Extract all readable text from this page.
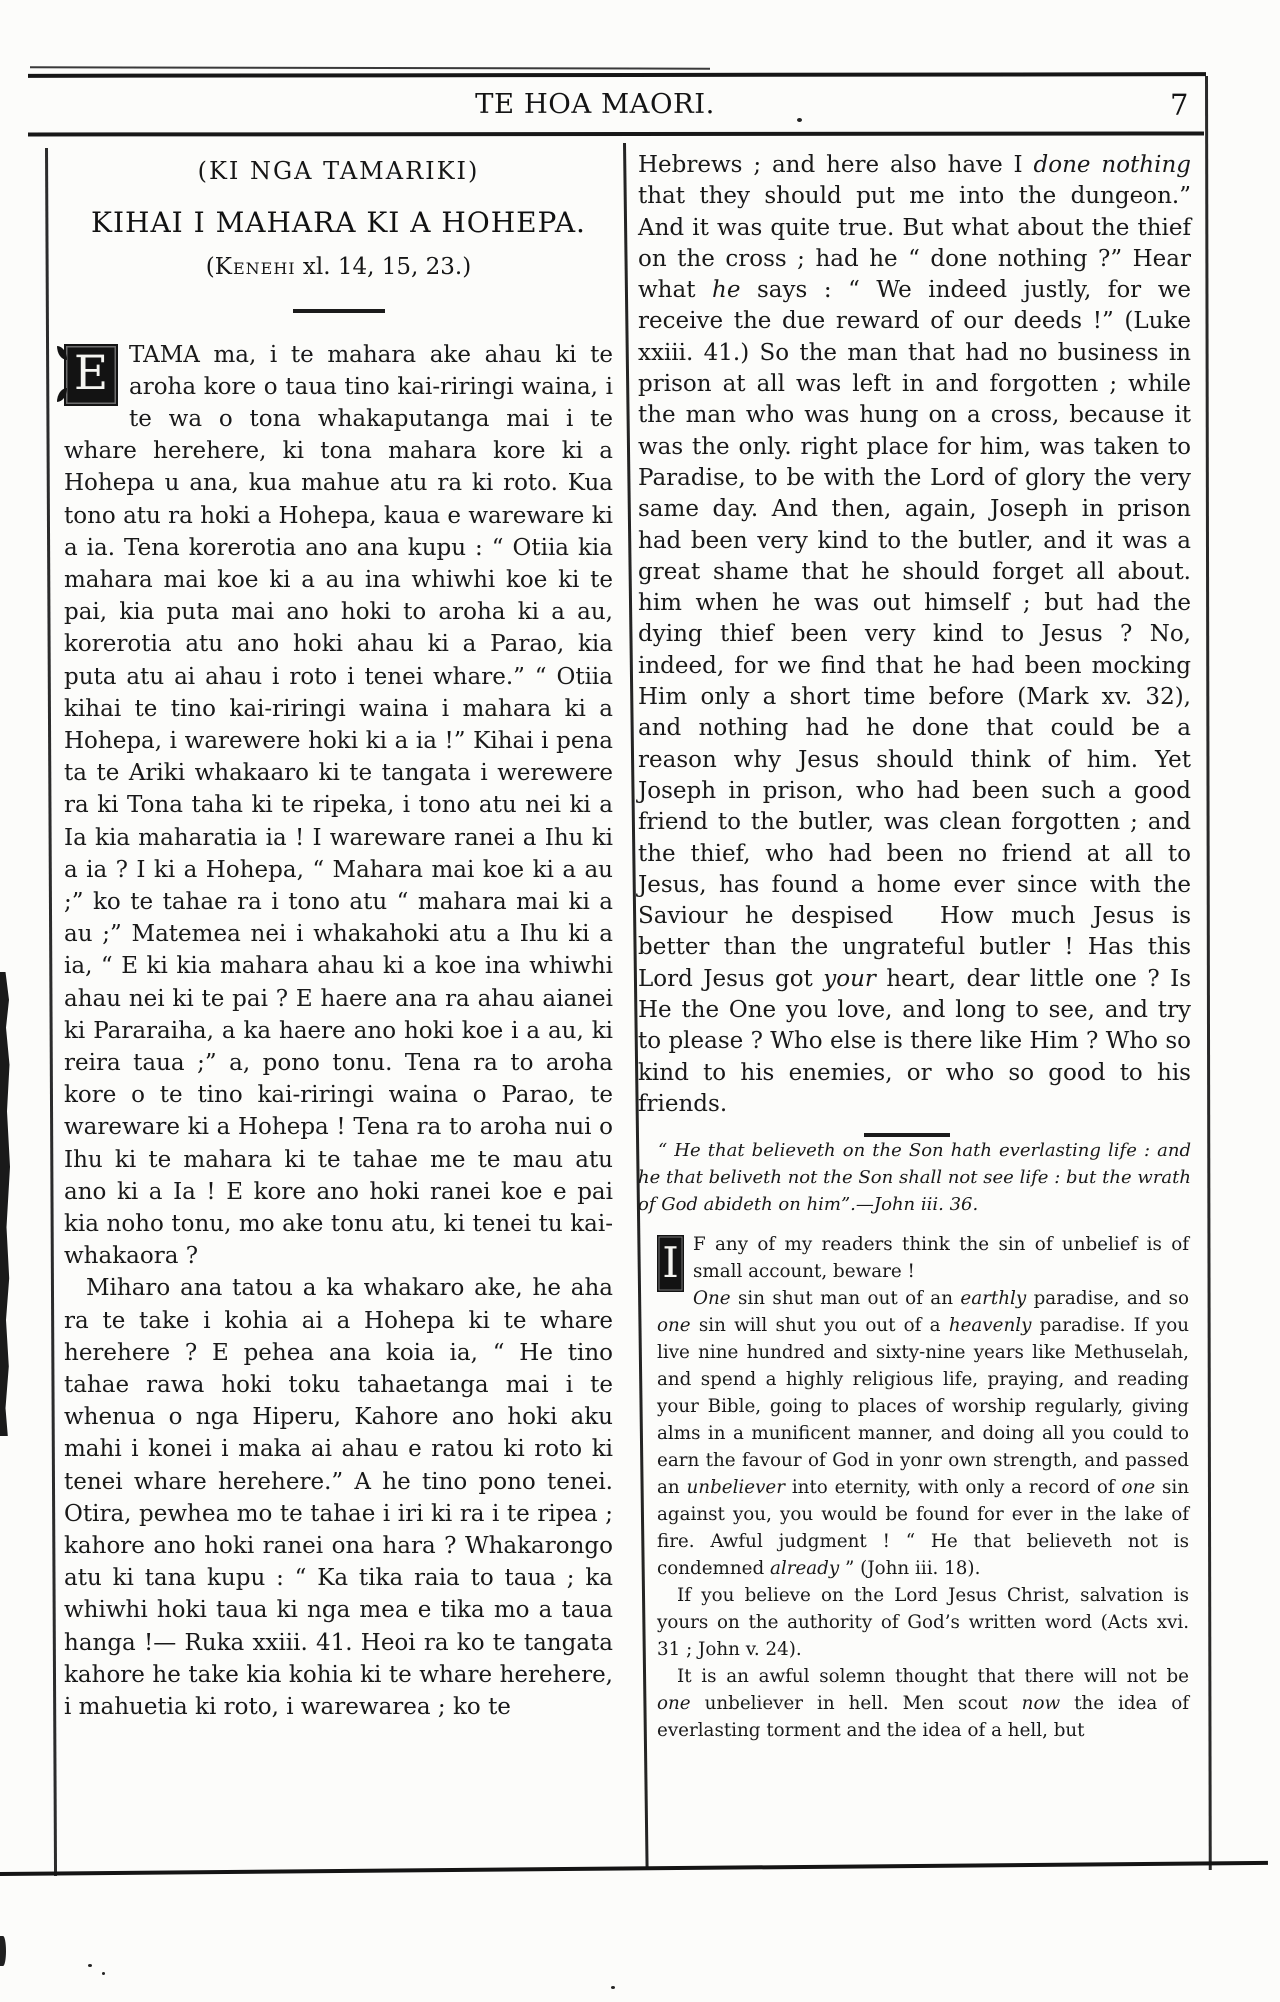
TE HOA MAORI.	7
(KI NGA TAMARIKI)
KIHAI I MAHARA KI A HOHEPA.
(Kenehi xl. 14, 15, 23.)

E TAMA ma, i te mahara ake ahau ki te aroha kore o taua tino kai-riringi waina, i te wa o tona whakaputanga mai i te whare herehere, ki tona mahara kore ki a Hohepa u ana, kua mahue atu ra ki roto. Kua tono atu ra hoki a Hohepa, kaua e wareware ki a ia. Tena korerotia ano ana kupu : “ Otiia kia mahara mai koe ki a au ina whiwhi koe ki te pai, kia puta mai ano hoki to aroha ki a au, korerotia atu ano hoki ahau ki a Parao, kia puta atu ai ahau i roto i tenei whare.” “ Otiia kihai te tino kai-riringi waina i mahara ki a Hohepa, i warewere hoki ki a ia !” Kihai i pena ta te Ariki whakaaro ki te tangata i werewere ra ki Tona taha ki te ripeka, i tono atu nei ki a Ia kia maharatia ia ! I wareware ranei a Ihu ki a ia ? I ki a Hohepa, “ Mahara mai koe ki a au ;” ko te tahae ra i tono atu “ mahara mai ki a au ;” Matemea nei i whakahoki atu a Ihu ki a ia, “ E ki kia mahara ahau ki a koe ina whiwhi ahau nei ki te pai ? E haere ana ra ahau aianei ki Pararaiha, a ka haere ano hoki koe i a au, ki reira taua ;” a, pono tonu. Tena ra to aroha kore o te tino kai-riringi waina o Parao, te wareware ki a Hohepa ! Tena ra to aroha nui o Ihu ki te mahara ki te tahae me te mau atu ano ki a Ia ! E kore ano hoki ranei koe e pai kia noho tonu, mo ake tonu atu, ki tenei tu kai-whakaora ?

Miharo ana tatou a ka whakaro ake, he aha ra te take i kohia ai a Hohepa ki te whare herehere ? E pehea ana koia ia, “ He tino tahae rawa hoki toku tahaetanga mai i te whenua o nga Hiperu, Kahore ano hoki aku mahi i konei i maka ai ahau e ratou ki roto ki tenei whare herehere.” A he tino pono tenei. Otira, pewhea mo te tahae i iri ki ra i te ripea ; kahore ano hoki ranei ona hara ? Whakarongo atu ki tana kupu : “ Ka tika raia to taua ; ka whiwhi hoki taua ki nga mea e tika mo a taua hanga !— Ruka xxiii. 41. Heoi ra ko te tangata kahore he take kia kohia ki te whare herehere, i mahuetia ki roto, i warewarea ; ko te

Hebrews ; and here also have I done nothing that they should put me into the dungeon.” And it was quite true. But what about the thief on the cross ; had he “ done nothing ?” Hear what he says : “ We indeed justly, for we receive the due reward of our deeds !” (Luke xxiii. 41.) So the man that had no business in prison at all was left in and forgotten ; while the man who was hung on a cross, because it was the only. right place for him, was taken to Paradise, to be with the Lord of glory the very same day. And then, again, Joseph in prison had been very kind to the butler, and it was a great shame that he should forget all about. him when he was out himself ; but had the dying thief been very kind to Jesus ? No, indeed, for we find that he had been mocking Him only a short time before (Mark xv. 32), and nothing had he done that could be a reason why Jesus should think of him. Yet Joseph in prison, who had been such a good friend to the butler, was clean forgotten ; and the thief, who had been no friend at all to Jesus, has found a home ever since with the Saviour he despised   How much Jesus is better than the ungrateful butler ! Has this Lord Jesus got your heart, dear little one ? Is He the One you love, and long to see, and try to please ? Who else is there like Him ? Who so kind to his enemies, or who so good to his friends.

“ He that believeth on the Son hath everlasting life : and he that beliveth not the Son shall not see life : but the wrath of God abideth on him”.—John iii. 36.

I F any of my readers think the sin of unbelief is of small account, beware !

One sin shut man out of an earthly paradise, and so one sin will shut you out of a heavenly paradise. If you live nine hundred and sixty-nine years like Methuselah, and spend a highly religious life, praying, and reading your Bible, going to places of worship regularly, giving alms in a munificent manner, and doing all you could to earn the favour of God in yonr own strength, and passed an unbeliever into eternity, with only a record of one sin against you, you would be found for ever in the lake of fire. Awful judgment ! “ He that believeth not is condemned already ” (John iii. 18).

If you believe on the Lord Jesus Christ, salvation is yours on the authority of God’s written word (Acts xvi. 31 ; John v. 24).

It is an awful solemn thought that there will not be one unbeliever in hell. Men scout now the idea of everlasting torment and the idea of a hell, but
